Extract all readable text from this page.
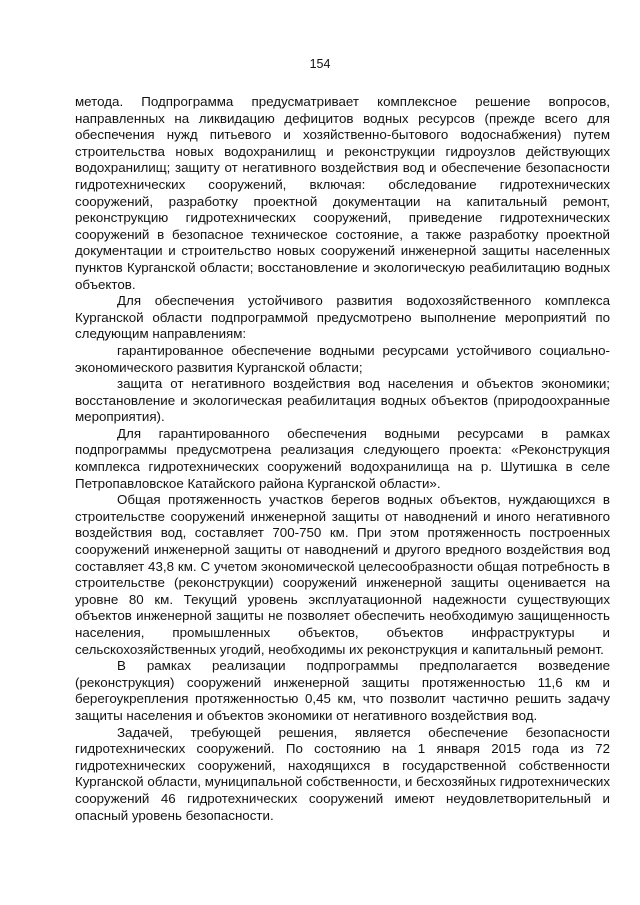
154

метода. Подпрограмма предусматривает комплексное решение вопросов, направленных на ликвидацию дефицитов водных ресурсов (прежде всего для обеспечения нужд питьевого и хозяйственно-бытового водоснабжения) путем строительства новых водохранилищ и реконструкции гидроузлов действующих водохранилищ; защиту от негативного воздействия вод и обеспечение безопасности гидротехнических сооружений, включая: обследование гидротехнических сооружений, разработку проектной документации на капитальный ремонт, реконструкцию гидротехнических сооружений, приведение гидротехнических сооружений в безопасное техническое состояние, а также разработку проектной документации и строительство новых сооружений инженерной защиты населенных пунктов Курганской области; восстановление и экологическую реабилитацию водных объектов.

Для обеспечения устойчивого развития водохозяйственного комплекса Курганской области подпрограммой предусмотрено выполнение мероприятий по следующим направлениям:

гарантированное обеспечение водными ресурсами устойчивого социально-экономического развития Курганской области;

защита от негативного воздействия вод населения и объектов экономики; восстановление и экологическая реабилитация водных объектов (природоохранные мероприятия).

Для гарантированного обеспечения водными ресурсами в рамках подпрограммы предусмотрена реализация следующего проекта: «Реконструкция комплекса гидротехнических сооружений водохранилища на р. Шутишка в селе Петропавловское Катайского района Курганской области».

Общая протяженность участков берегов водных объектов, нуждающихся в строительстве сооружений инженерной защиты от наводнений и иного негативного воздействия вод, составляет 700-750 км. При этом протяженность построенных сооружений инженерной защиты от наводнений и другого вредного воздействия вод составляет 43,8 км. С учетом экономической целесообразности общая потребность в строительстве (реконструкции) сооружений инженерной защиты оценивается на уровне 80 км. Текущий уровень эксплуатационной надежности существующих объектов инженерной защиты не позволяет обеспечить необходимую защищенность населения, промышленных объектов, объектов инфраструктуры и сельскохозяйственных угодий, необходимы их реконструкция и капитальный ремонт.

В рамках реализации подпрограммы предполагается возведение (реконструкция) сооружений инженерной защиты протяженностью 11,6 км и берегоукрепления протяженностью 0,45 км, что позволит частично решить задачу защиты населения и объектов экономики от негативного воздействия вод.

Задачей, требующей решения, является обеспечение безопасности гидротехнических сооружений. По состоянию на 1 января 2015 года из 72 гидротехнических сооружений, находящихся в государственной собственности Курганской области, муниципальной собственности, и бесхозяйных гидротехнических сооружений 46 гидротехнических сооружений имеют неудовлетворительный и опасный уровень безопасности.
